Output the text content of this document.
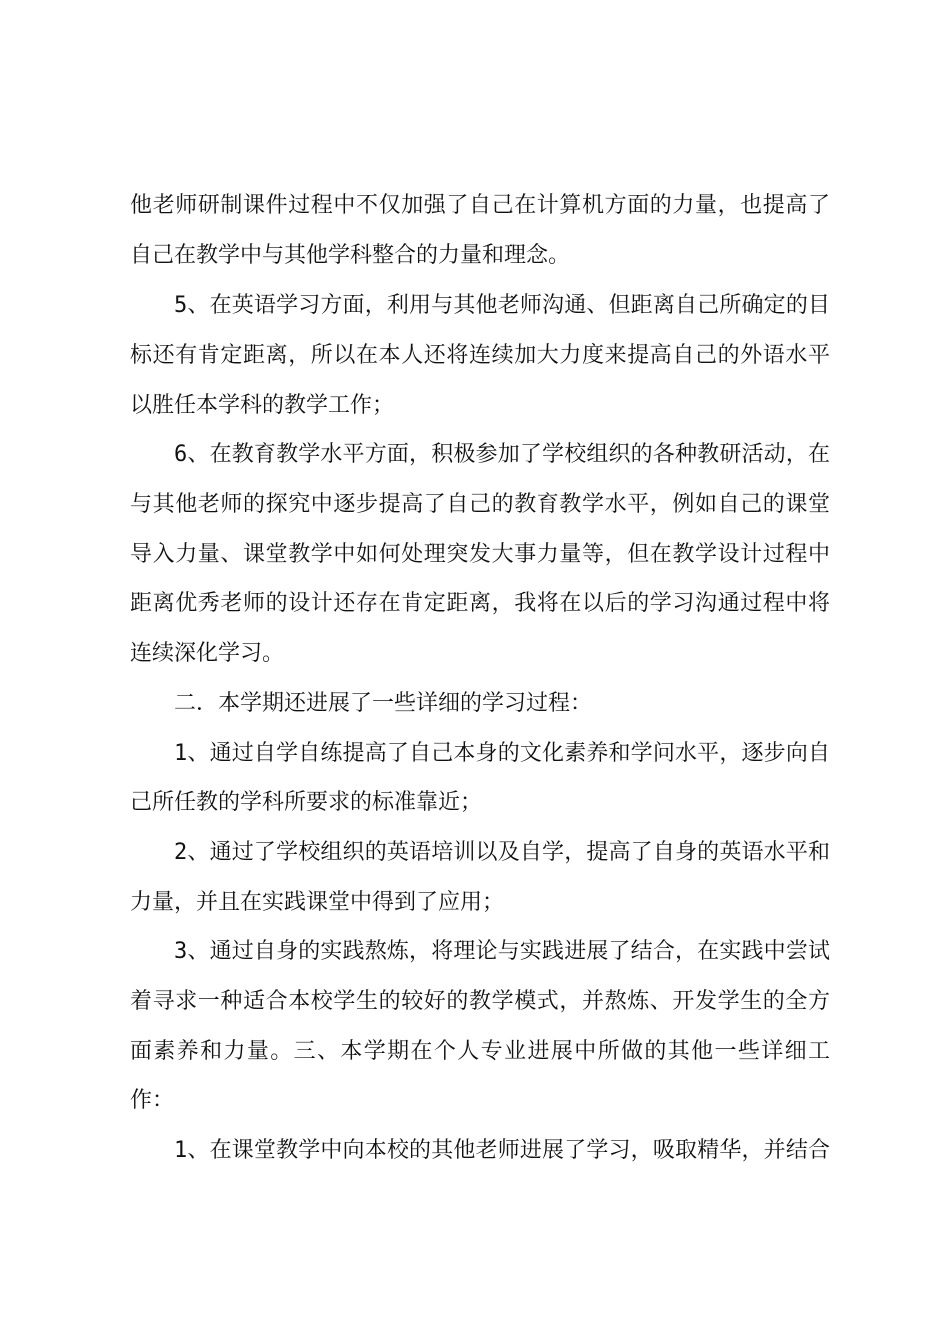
他老师研制课件过程中不仅加强了自己在计算机方面的力量，也提高了
自己在教学中与其他学科整合的力量和理念。
5、在英语学习方面，利用与其他老师沟通、但距离自己所确定的目
标还有肯定距离，所以在本人还将连续加大力度来提高自己的外语水平
以胜任本学科的教学工作；
6、在教育教学水平方面，积极参加了学校组织的各种教研活动，在
与其他老师的探究中逐步提高了自己的教育教学水平，例如自己的课堂
导入力量、课堂教学中如何处理突发大事力量等，但在教学设计过程中
距离优秀老师的设计还存在肯定距离，我将在以后的学习沟通过程中将
连续深化学习。
二．本学期还进展了一些详细的学习过程：
1、通过自学自练提高了自己本身的文化素养和学问水平，逐步向自
己所任教的学科所要求的标准靠近；
2、通过了学校组织的英语培训以及自学，提高了自身的英语水平和
力量，并且在实践课堂中得到了应用；
3、通过自身的实践熬炼，将理论与实践进展了结合，在实践中尝试
着寻求一种适合本校学生的较好的教学模式，并熬炼、开发学生的全方
面素养和力量。三、本学期在个人专业进展中所做的其他一些详细工
作：
1、在课堂教学中向本校的其他老师进展了学习，吸取精华，并结合
